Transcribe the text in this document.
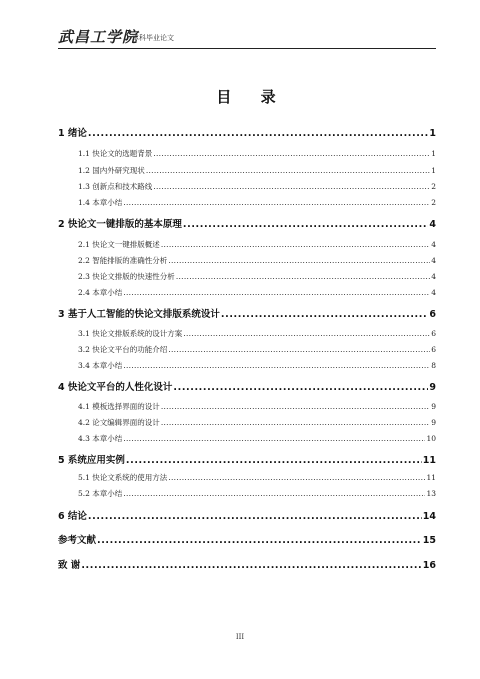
武昌工学院
本科毕业论文
目 录
1 绪论 .....	1
1.1 快论文的选题背景 .....	1
1.2 国内外研究现状 .....	1
1.3 创新点和技术路线 .....	2
1.4 本章小结 .....	2
2 快论文一键排版的基本原理 .....	4
2.1 快论文一键排版概述 .....	4
2.2 智能排版的准确性分析 .....	4
2.3 快论文排版的快速性分析 .....	4
2.4 本章小结 .....	4
3 基于人工智能的快论文排版系统设计 .....	6
3.1 快论文排版系统的设计方案 .....	6
3.2 快论文平台的功能介绍 .....	6
3.4 本章小结 .....	8
4 快论文平台的人性化设计 .....	9
4.1 模板选择界面的设计 .....	9
4.2 论文编辑界面的设计 .....	9
4.3 本章小结 .....	10
5 系统应用实例 .....	11
5.1 快论文系统的使用方法 .....	11
5.2 本章小结 .....	13
6 结论 .....	14
参考文献 .....	15
致 谢 .....	16
III
